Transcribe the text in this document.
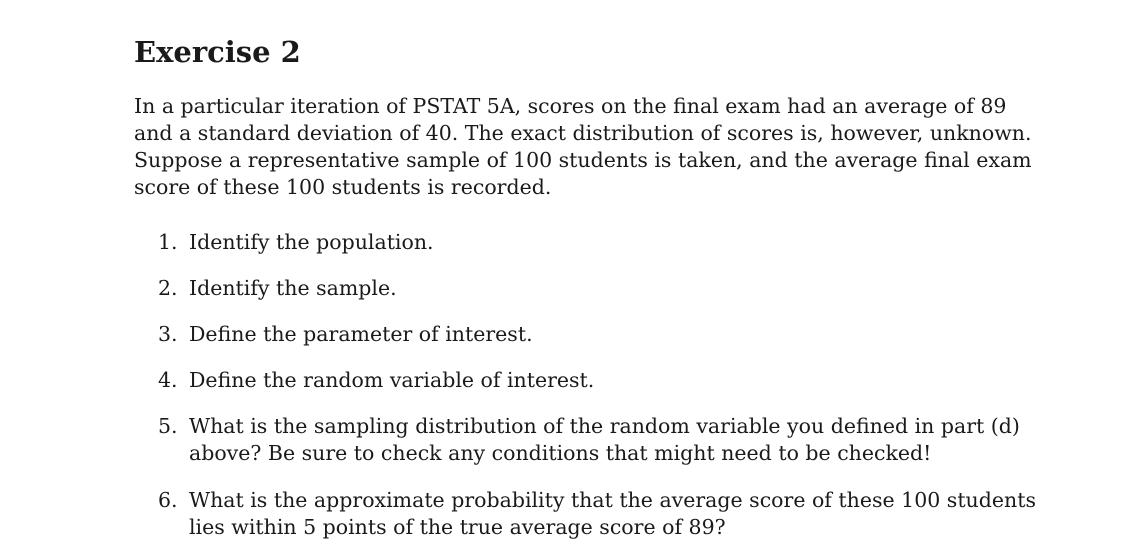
Exercise 2

In a particular iteration of PSTAT 5A, scores on the final exam had an average of 89
and a standard deviation of 40. The exact distribution of scores is, however, unknown.
Suppose a representative sample of 100 students is taken, and the average final exam
score of these 100 students is recorded.

1. Identify the population.
2. Identify the sample.
3. Define the parameter of interest.
4. Define the random variable of interest.
5. What is the sampling distribution of the random variable you defined in part (d)
above? Be sure to check any conditions that might need to be checked!
6. What is the approximate probability that the average score of these 100 students
lies within 5 points of the true average score of 89?
